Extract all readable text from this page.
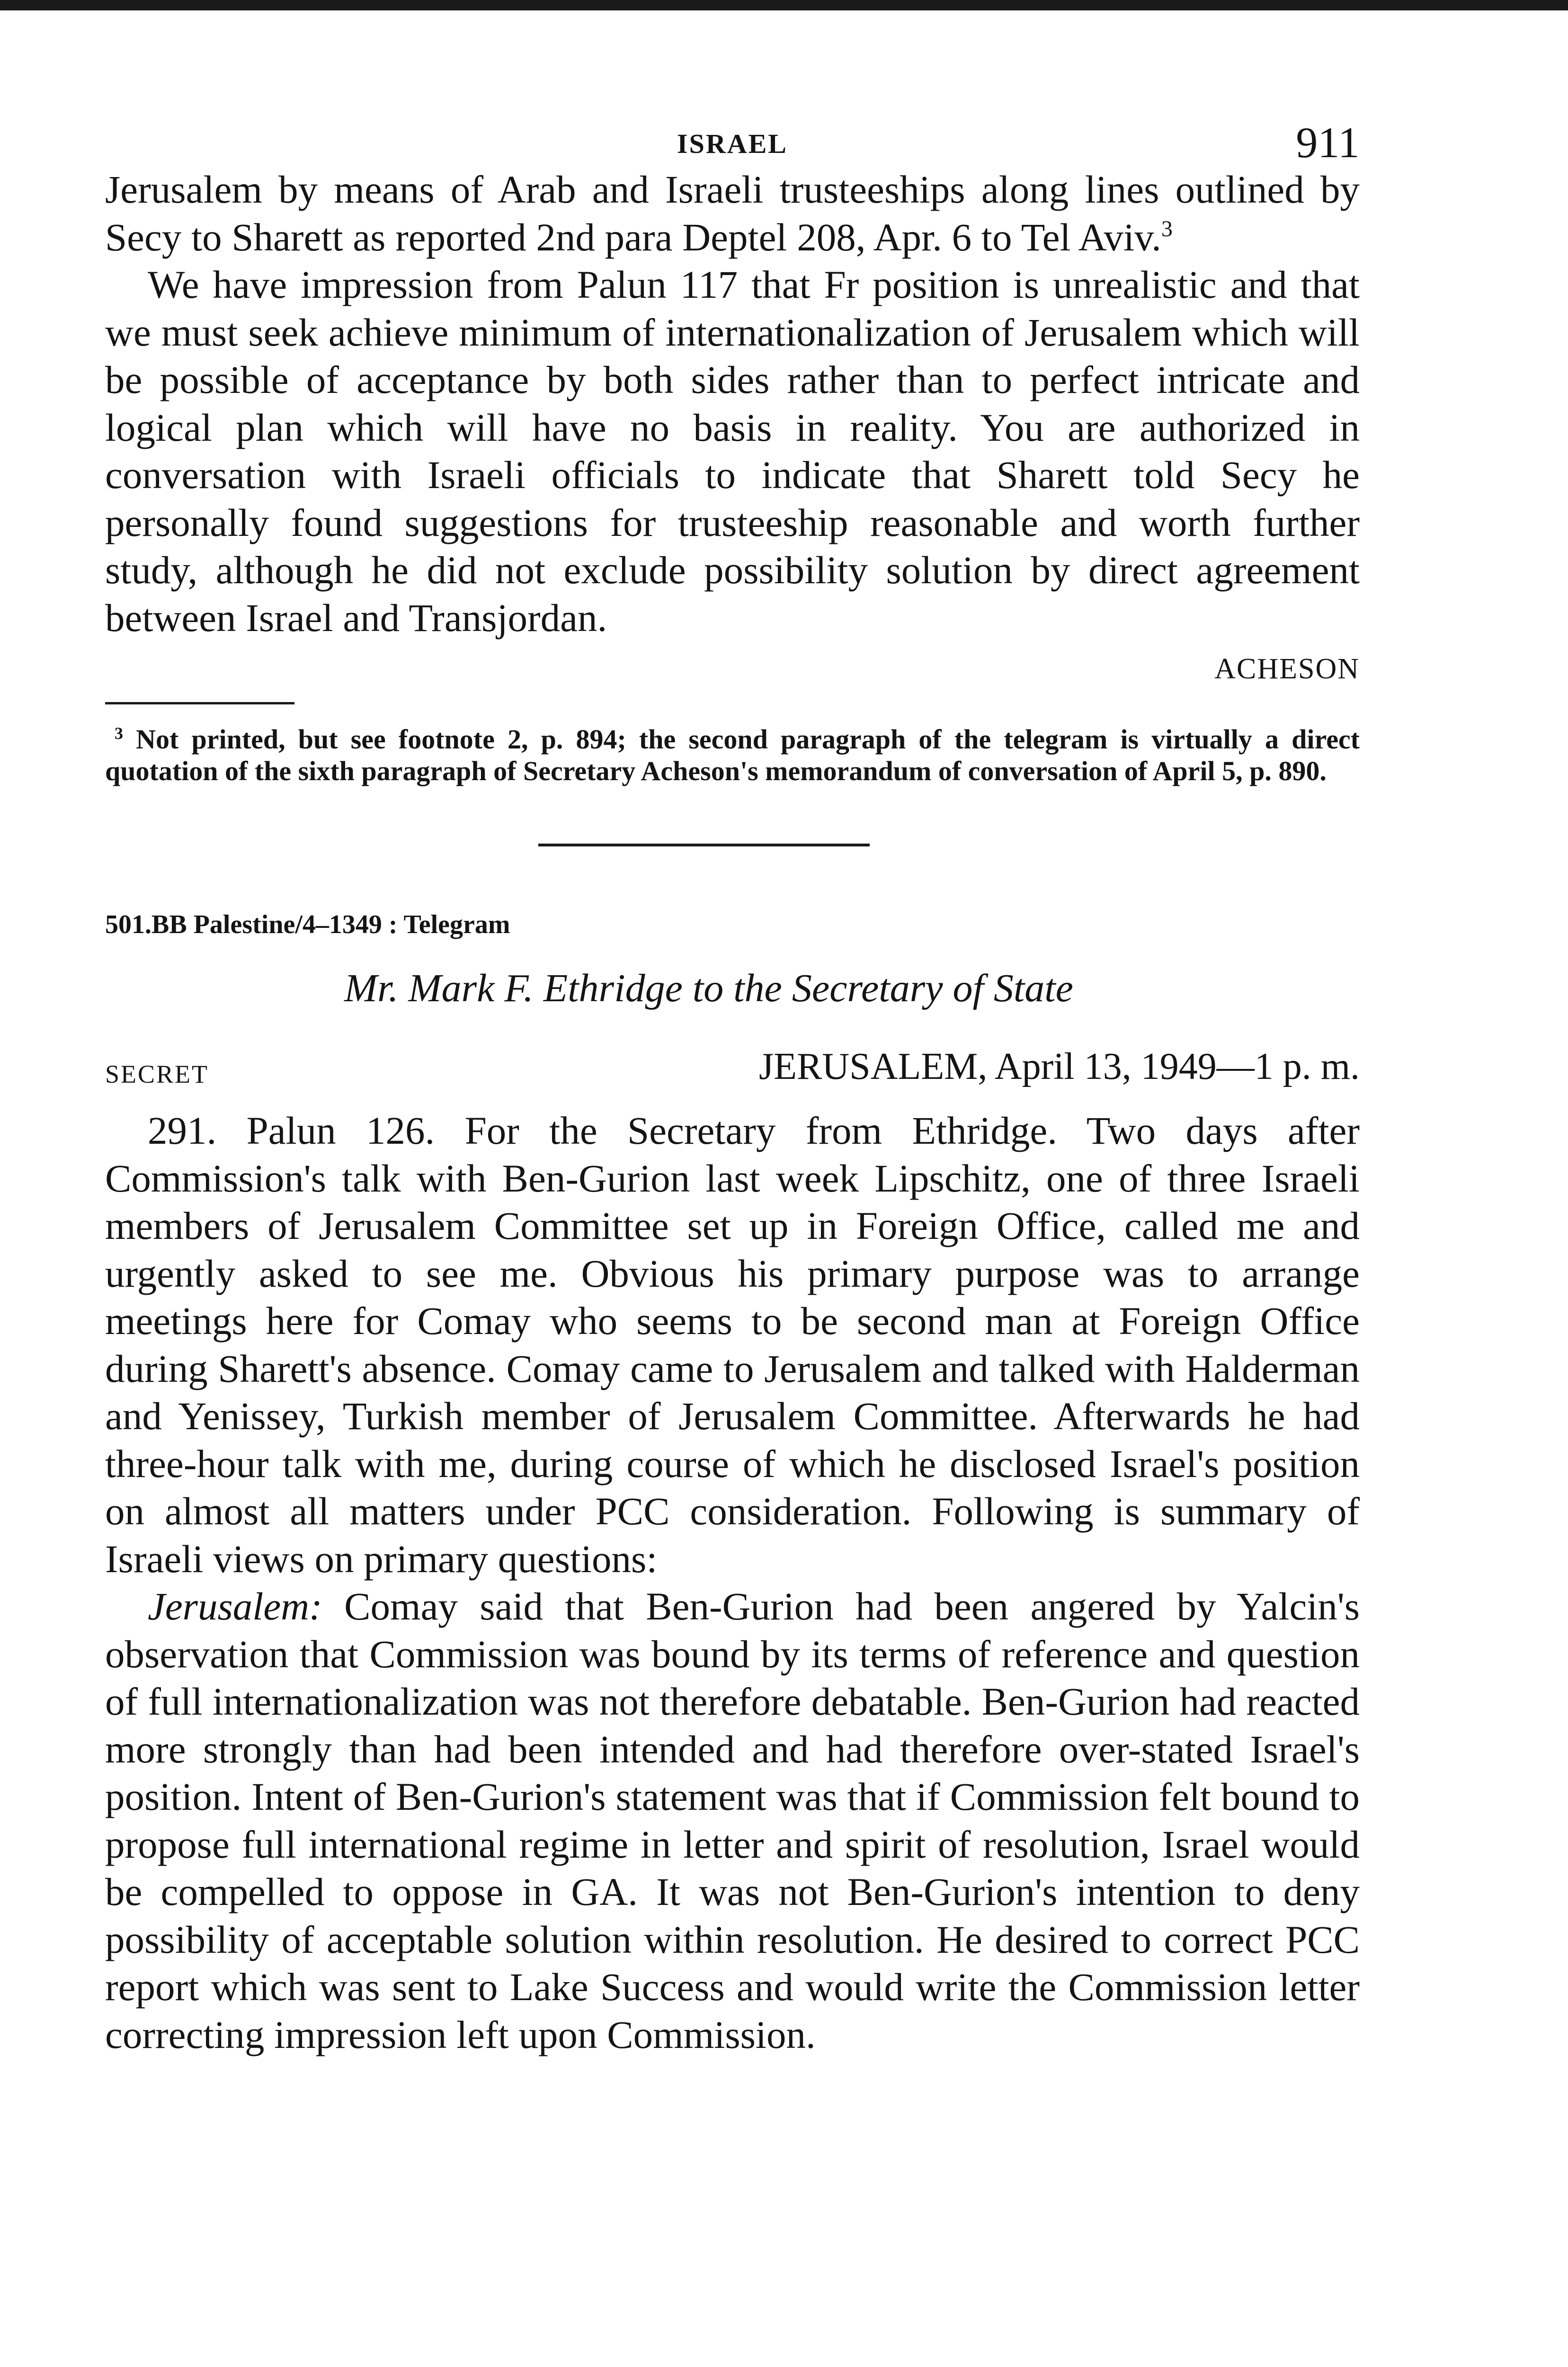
ISRAEL	911

Jerusalem by means of Arab and Israeli trusteeships along lines outlined by Secy to Sharett as reported 2nd para Deptel 208, Apr. 6 to Tel Aviv.$^3$

We have impression from Palun 117 that Fr position is unrealistic and that we must seek achieve minimum of internationalization of Jerusalem which will be possible of acceptance by both sides rather than to perfect intricate and logical plan which will have no basis in reality. You are authorized in conversation with Israeli officials to indicate that Sharett told Secy he personally found suggestions for trusteeship reasonable and worth further study, although he did not exclude possibility solution by direct agreement between Israel and Transjordan.

ACHESON

$^3$ Not printed, but see footnote 2, p. 894; the second paragraph of the telegram is virtually a direct quotation of the sixth paragraph of Secretary Acheson's memorandum of conversation of April 5, p. 890.

501.BB Palestine/4–1349 : Telegram
Mr. Mark F. Ethridge to the Secretary of State
SECRET	JERUSALEM, April 13, 1949—1 p. m.

291. Palun 126. For the Secretary from Ethridge. Two days after Commission's talk with Ben-Gurion last week Lipschitz, one of three Israeli members of Jerusalem Committee set up in Foreign Office, called me and urgently asked to see me. Obvious his primary purpose was to arrange meetings here for Comay who seems to be second man at Foreign Office during Sharett's absence. Comay came to Jerusalem and talked with Halderman and Yenissey, Turkish member of Jerusalem Committee. Afterwards he had three-hour talk with me, during course of which he disclosed Israel's position on almost all matters under PCC consideration. Following is summary of Israeli views on primary questions:

Jerusalem: Comay said that Ben-Gurion had been angered by Yalcin's observation that Commission was bound by its terms of reference and question of full internationalization was not therefore debatable. Ben-Gurion had reacted more strongly than had been intended and had therefore over-stated Israel's position. Intent of Ben-Gurion's statement was that if Commission felt bound to propose full international regime in letter and spirit of resolution, Israel would be compelled to oppose in GA. It was not Ben-Gurion's intention to deny possibility of acceptable solution within resolution. He desired to correct PCC report which was sent to Lake Success and would write the Commission letter correcting impression left upon Commission.
